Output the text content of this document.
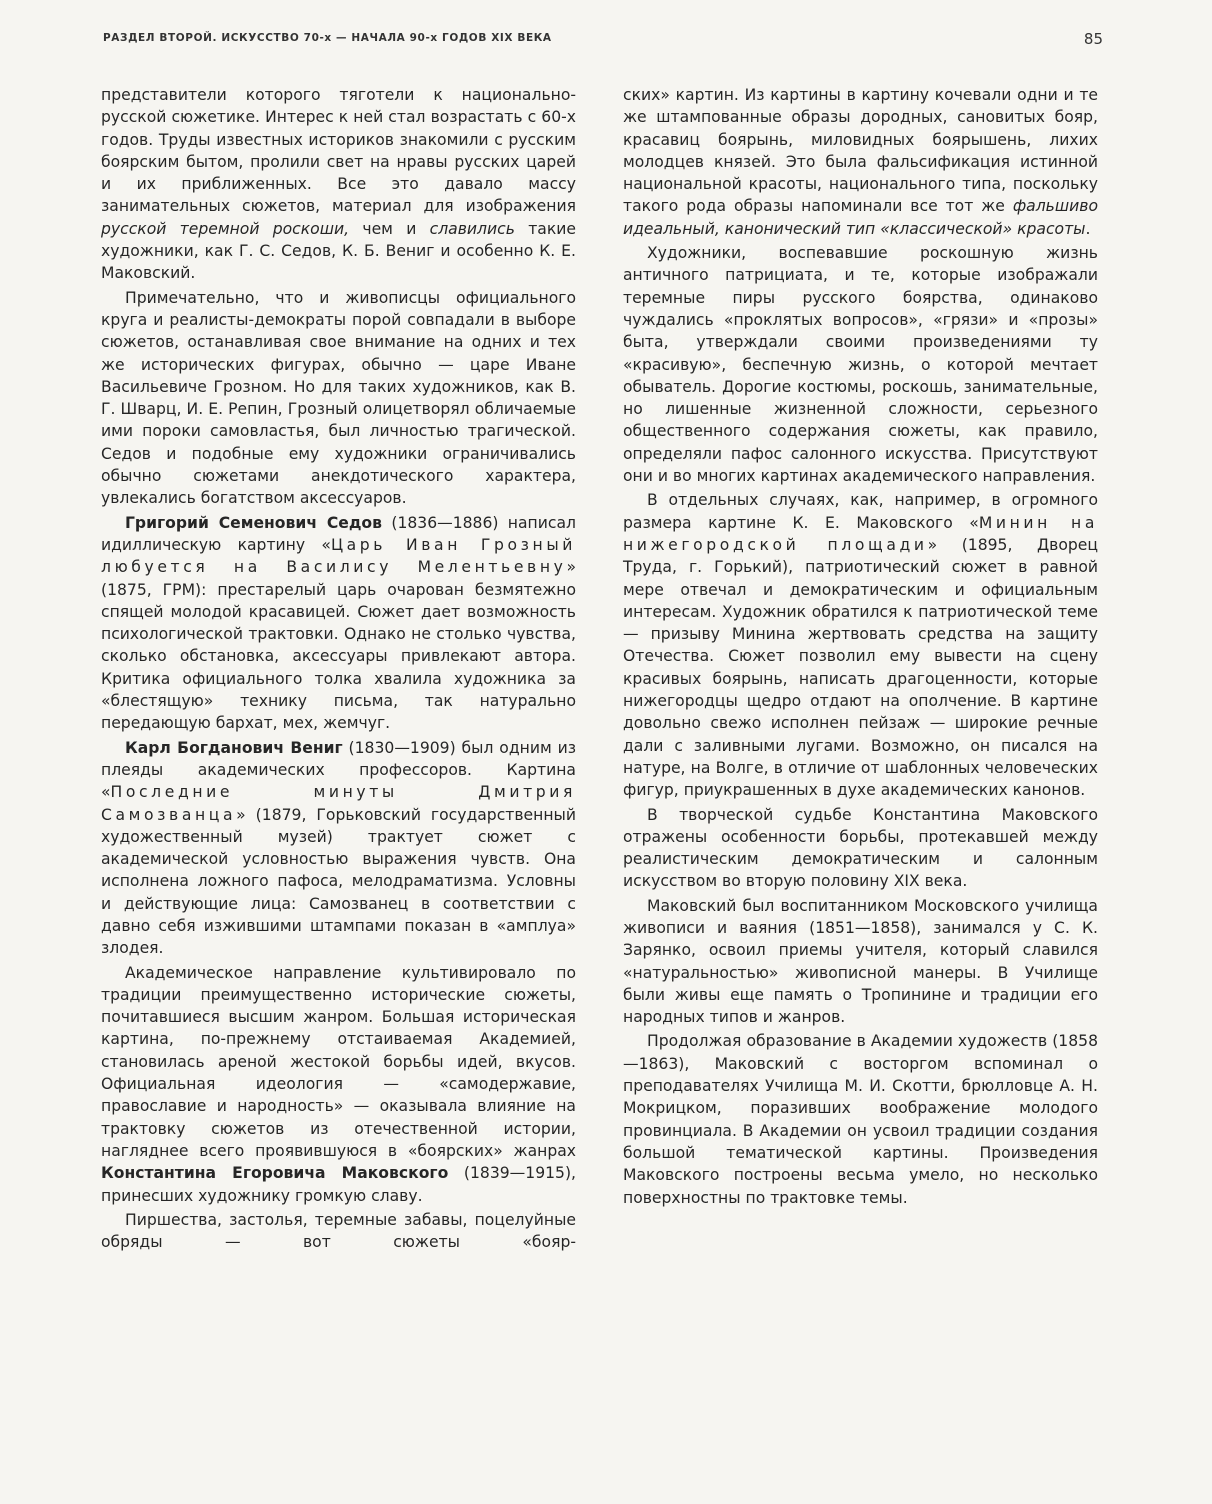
РАЗДЕЛ ВТОРОЙ. ИСКУССТВО 70-х — НАЧАЛА 90-х ГОДОВ XIX ВЕКА	85

представители которого тяготели к национально-русской сюжетике. Интерес к ней стал возрастать с 60-х годов. Труды известных историков знакомили с русским боярским бытом, пролили свет на нравы русских царей и их приближенных. Все это давало массу занимательных сюжетов, материал для изображения русской теремной роскоши, чем и славились такие художники, как Г. С. Седов, К. Б. Вениг и особенно К. Е. Маковский.

Примечательно, что и живописцы официального круга и реалисты-демократы порой совпадали в выборе сюжетов, останавливая свое внимание на одних и тех же исторических фигурах, обычно — царе Иване Васильевиче Грозном. Но для таких художников, как В. Г. Шварц, И. Е. Репин, Грозный олицетворял обличаемые ими пороки самовластья, был личностью трагической. Седов и подобные ему художники ограничивались обычно сюжетами анекдотического характера, увлекались богатством аксессуаров.

Григорий Семенович Седов (1836—1886) написал идиллическую картину «Царь Иван Грозный любуется на Василису Мелентьевну» (1875, ГРМ): престарелый царь очарован безмятежно спящей молодой красавицей. Сюжет дает возможность психологической трактовки. Однако не столько чувства, сколько обстановка, аксессуары привлекают автора. Критика официального толка хвалила художника за «блестящую» технику письма, так натурально передающую бархат, мех, жемчуг.

Карл Богданович Вениг (1830—1909) был одним из плеяды академических профессоров. Картина «Последние минуты Дмитрия Самозванца» (1879, Горьковский государственный художественный музей) трактует сюжет с академической условностью выражения чувств. Она исполнена ложного пафоса, мелодраматизма. Условны и действующие лица: Самозванец в соответствии с давно себя изжившими штампами показан в «амплуа» злодея.

Академическое направление культивировало по традиции преимущественно исторические сюжеты, почитавшиеся высшим жанром. Большая историческая картина, по-прежнему отстаиваемая Академией, становилась ареной жестокой борьбы идей, вкусов. Официальная идеология — «самодержавие, православие и народность» — оказывала влияние на трактовку сюжетов из отечественной истории, нагляднее всего проявившуюся в «боярских» жанрах Константина Егоровича Маковского (1839—1915), принесших художнику громкую славу.

Пиршества, застолья, теремные забавы, поцелуйные обряды — вот сюжеты «бояр-

ских» картин. Из картины в картину кочевали одни и те же штампованные образы дородных, сановитых бояр, красавиц боярынь, миловидных боярышень, лихих молодцев князей. Это была фальсификация истинной национальной красоты, национального типа, поскольку такого рода образы напоминали все тот же фальшиво идеальный, канонический тип «классической» красоты.

Художники, воспевавшие роскошную жизнь античного патрициата, и те, которые изображали теремные пиры русского боярства, одинаково чуждались «проклятых вопросов», «грязи» и «прозы» быта, утверждали своими произведениями ту «красивую», беспечную жизнь, о которой мечтает обыватель. Дорогие костюмы, роскошь, занимательные, но лишенные жизненной сложности, серьезного общественного содержания сюжеты, как правило, определяли пафос салонного искусства. Присутствуют они и во многих картинах академического направления.

В отдельных случаях, как, например, в огромного размера картине К. Е. Маковского «Минин на нижегородской площади» (1895, Дворец Труда, г. Горький), патриотический сюжет в равной мере отвечал и демократическим и официальным интересам. Художник обратился к патриотической теме — призыву Минина жертвовать средства на защиту Отечества. Сюжет позволил ему вывести на сцену красивых боярынь, написать драгоценности, которые нижегородцы щедро отдают на ополчение. В картине довольно свежо исполнен пейзаж — широкие речные дали с заливными лугами. Возможно, он писался на натуре, на Волге, в отличие от шаблонных человеческих фигур, приукрашенных в духе академических канонов.

В творческой судьбе Константина Маковского отражены особенности борьбы, протекавшей между реалистическим демократическим и салонным искусством во вторую половину XIX века.

Маковский был воспитанником Московского училища живописи и ваяния (1851—1858), занимался у С. К. Зарянко, освоил приемы учителя, который славился «натуральностью» живописной манеры. В Училище были живы еще память о Тропинине и традиции его народных типов и жанров.

Продолжая образование в Академии художеств (1858—1863), Маковский с восторгом вспоминал о преподавателях Училища М. И. Скотти, брюлловце А. Н. Мокрицком, поразивших воображение молодого провинциала. В Академии он усвоил традиции создания большой тематической картины. Произведения Маковского построены весьма умело, но несколько поверхностны по трактовке темы.
